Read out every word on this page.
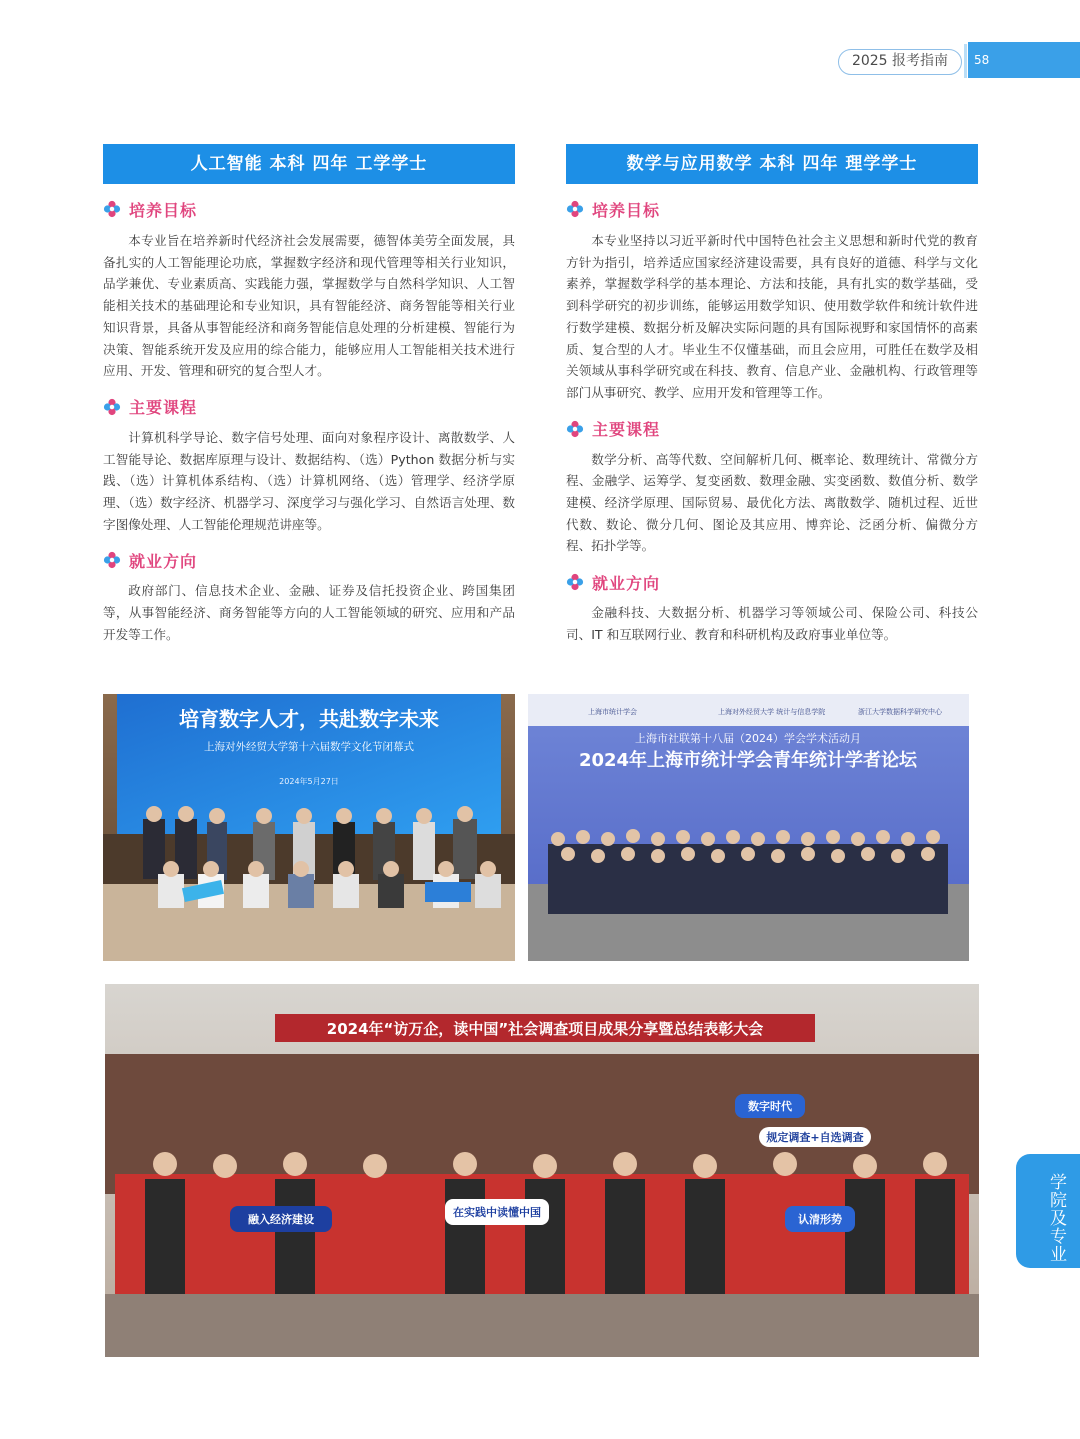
2025 报考指南	58
人工智能 本科 四年 工学学士
培养目标

本专业旨在培养新时代经济社会发展需要，德智体美劳全面发展，具备扎实的人工智能理论功底，掌握数字经济和现代管理等相关行业知识，品学兼优、专业素质高、实践能力强，掌握数学与自然科学知识、人工智能相关技术的基础理论和专业知识，具有智能经济、商务智能等相关行业知识背景，具备从事智能经济和商务智能信息处理的分析建模、智能行为决策、智能系统开发及应用的综合能力，能够应用人工智能相关技术进行应用、开发、管理和研究的复合型人才。

主要课程

计算机科学导论、数字信号处理、面向对象程序设计、离散数学、人工智能导论、数据库原理与设计、数据结构、（选）Python 数据分析与实践、（选）计算机体系结构、（选）计算机网络、（选）管理学、经济学原理、（选）数字经济、机器学习、深度学习与强化学习、自然语言处理、数字图像处理、人工智能伦理规范讲座等。

就业方向

政府部门、信息技术企业、金融、证券及信托投资企业、跨国集团等，从事智能经济、商务智能等方向的人工智能领域的研究、应用和产品开发等工作。

数学与应用数学 本科 四年 理学学士
培养目标

本专业坚持以习近平新时代中国特色社会主义思想和新时代党的教育方针为指引，培养适应国家经济建设需要，具有良好的道德、科学与文化素养，掌握数学科学的基本理论、方法和技能，具有扎实的数学基础，受到科学研究的初步训练，能够运用数学知识、使用数学软件和统计软件进行数学建模、数据分析及解决实际问题的具有国际视野和家国情怀的高素质、复合型的人才。毕业生不仅懂基础，而且会应用，可胜任在数学及相关领域从事科学研究或在科技、教育、信息产业、金融机构、行政管理等部门从事研究、教学、应用开发和管理等工作。

主要课程

数学分析、高等代数、空间解析几何、概率论、数理统计、常微分方程、金融学、运筹学、复变函数、数理金融、实变函数、数值分析、数学建模、经济学原理、国际贸易、最优化方法、离散数学、随机过程、近世代数、数论、微分几何、图论及其应用、博弈论、泛函分析、偏微分方程、拓扑学等。

就业方向

金融科技、大数据分析、机器学习等领域公司、保险公司、科技公司、IT 和互联网行业、教育和科研机构及政府事业单位等。

培育数字人才，共赴数字未来
上海对外经贸大学第十六届数学文化节闭幕式
2024年5月27日
上海市统计学会	上海对外经贸大学 统计与信息学院	浙江大学数据科学研究中心
上海市社联第十八届（2024）学会学术活动月
2024年上海市统计学会青年统计学者论坛
2024年“访万企，读中国”社会调查项目成果分享暨总结表彰大会
规定调查+自选调查
数字时代
融入经济建设
在实践中读懂中国
认清形势	学院及专业
